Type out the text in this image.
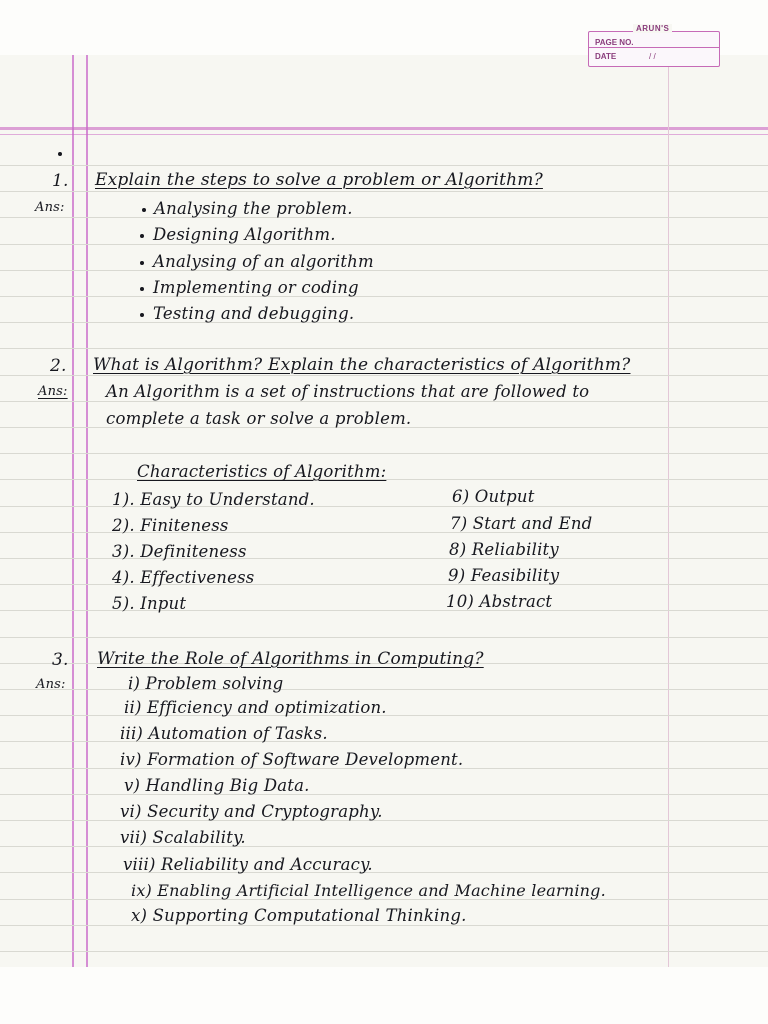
ARUN'S
PAGE NO.
DATE	/ /
1. Explain the steps to solve a problem or Algorithm?
Ans:	Analysing the problem.
Designing Algorithm.
Analysing of an algorithm
Implementing or coding
Testing and debugging.
2. What is Algorithm? Explain the characteristics of Algorithm?
Ans: An Algorithm is a set of instructions that are followed to
complete a task or solve a problem.
Characteristics of Algorithm:
1). Easy to Understand.
2). Finiteness
3). Definiteness
4). Effectiveness
5). Input
6) Output
7) Start and End
8) Reliability
9) Feasibility
10) Abstract
3. Write the Role of Algorithms in Computing?
Ans:	i) Problem solving
ii) Efficiency and optimization.
iii) Automation of Tasks.
iv) Formation of Software Development.
v) Handling Big Data.
vi) Security and Cryptography.
vii) Scalability.
viii) Reliability and Accuracy.
ix) Enabling Artificial Intelligence and Machine learning.
x) Supporting Computational Thinking.
